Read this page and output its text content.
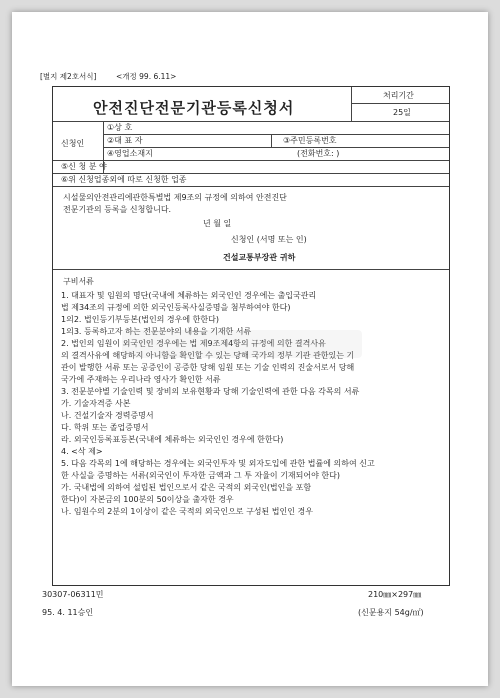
[별지 제2호서식]	<개정 99. 6.11>
안전진단전문기관등록신청서
처리기간
25일
신청인
①상 호
②대 표 자	③주민등록번호
④영업소재지	(전화번호: )
⑤신 청 분 야
⑥위 신청업종외에 따로 신청한 업종
시설물의안전관리에관한특별법 제9조의 규정에 의하여 안전진단
전문기관의 등록을 신청합니다.
년 월 일
신청인 (서명 또는 인)
건설교통부장관 귀하
구비서류
1. 대표자 및 임원의 명단(국내에 체류하는 외국인인 경우에는 출입국관리
법 제34조의 규정에 의한 외국인등록사실증명을 첨부하여야 한다)
1의2. 법인등기부등본(법인의 경우에 한한다)
1의3. 등록하고자 하는 전문분야의 내용을 기재한 서류
2. 법인의 임원이 외국인인 경우에는 법 제9조제4항의 규정에 의한 결격사유
의 결격사유에 해당하지 아니함을 확인할 수 있는 당해 국가의 정부 기관 관한있는 기
관이 발행한 서류 또는 공증인이 공증한 당해 임원 또는 기술 인력의 진술서로서 당해
국가에 주재하는 우리나라 영사가 확인한 서류
3. 전문분야별 기술인력 및 장비의 보유현황과 당해 기술인력에 관한 다음 각목의 서류
가. 기술자격증 사본
나. 건설기술자 경력증명서
다. 학위 또는 졸업증명서
라. 외국인등록표등본(국내에 체류하는 외국인인 경우에 한한다)
4. <삭 제>
5. 다음 각목의 1에 해당하는 경우에는 외국인투자 및 외자도입에 관한 법률에 의하여 신고
한 사실을 증명하는 서류(외국인이 투자한 금액과 그 투 자율이 기재되어야 한다)
가. 국내법에 의하여 설립된 법인으로서 같은 국적의 외국인(법인을 포함
한다)이 자본금의 100분의 50이상을 출자한 경우
나. 임원수의 2분의 1이상이 같은 국적의 외국인으로 구성된 법인인 경우
30307-06311민
95. 4. 11승인
210㎜×297㎜
(신문용지 54g/㎡)
